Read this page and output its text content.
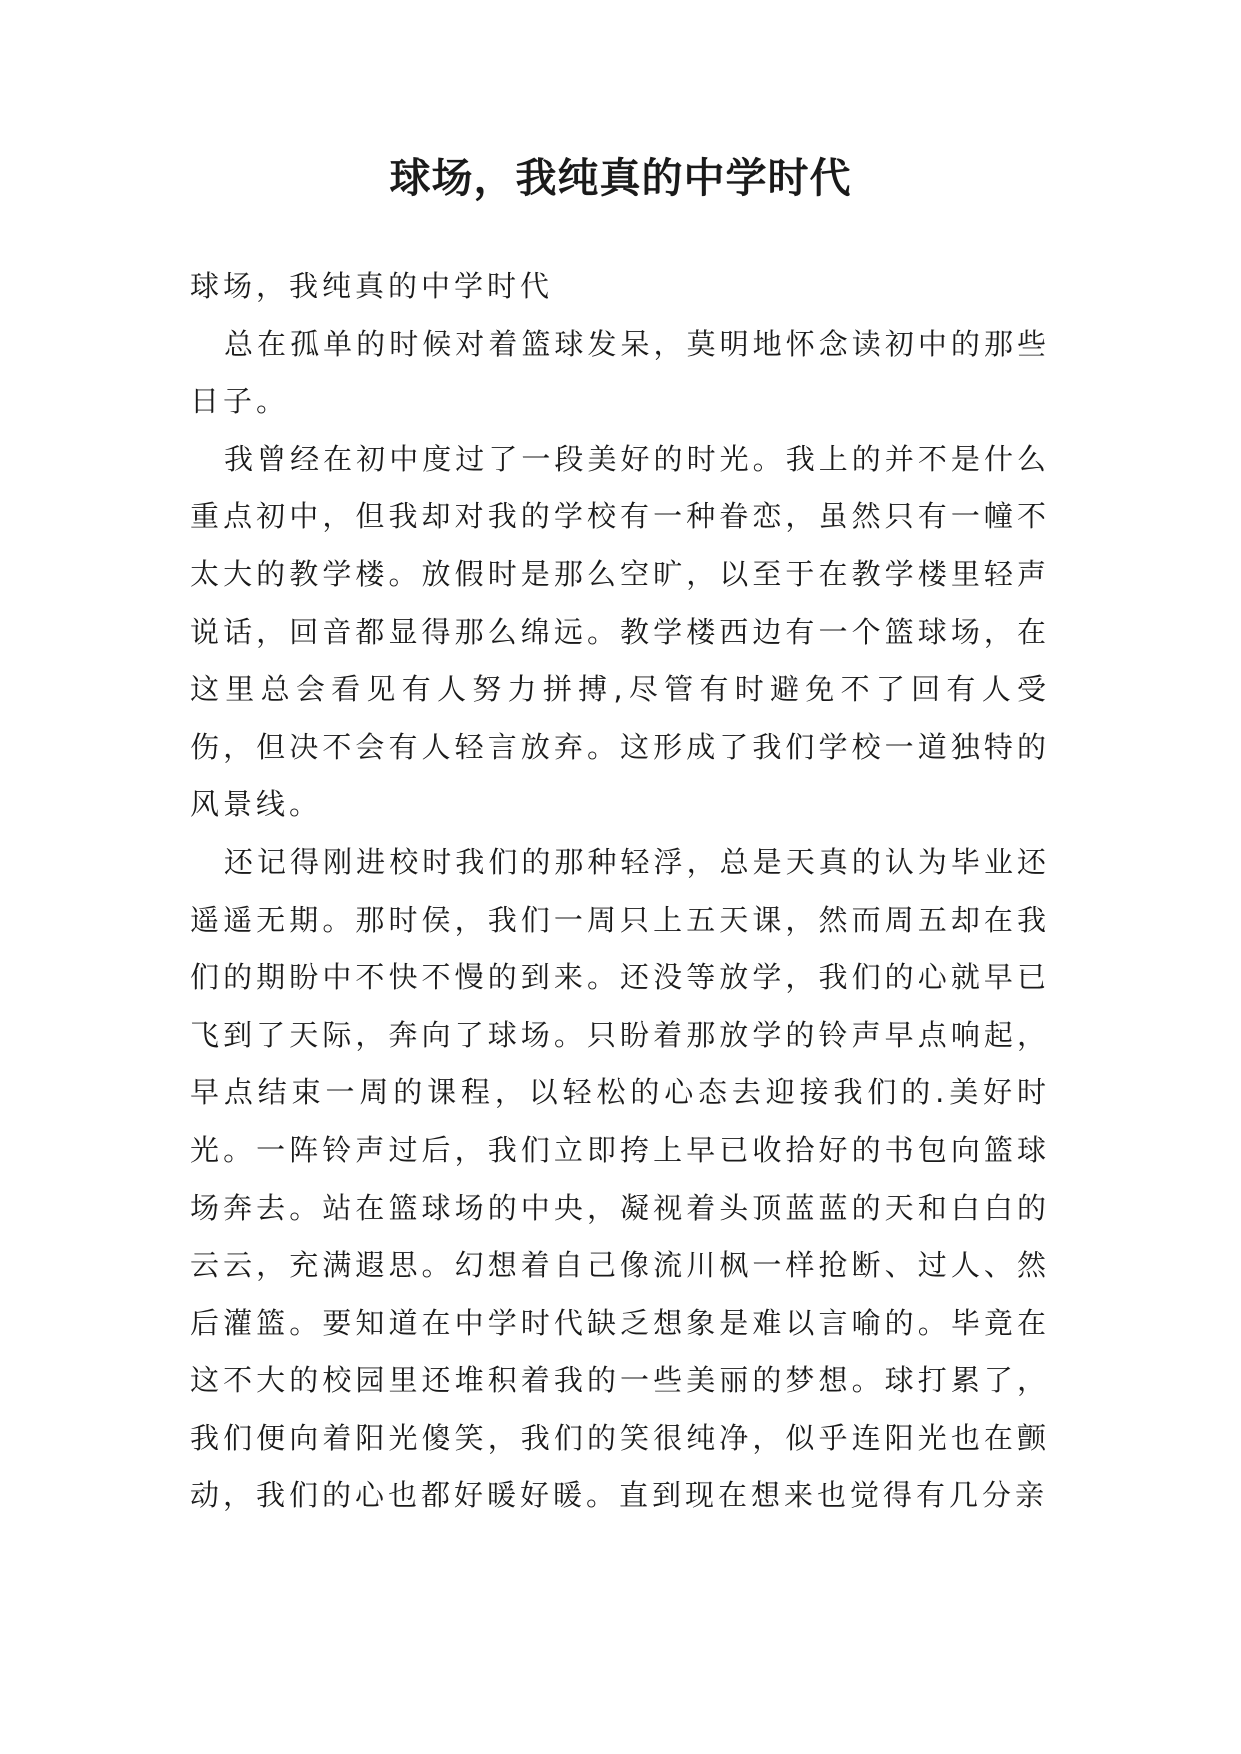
球场，我纯真的中学时代

球场，我纯真的中学时代

总在孤单的时候对着篮球发呆，莫明地怀念读初中的那些日子。

我曾经在初中度过了一段美好的时光。我上的并不是什么重点初中，但我却对我的学校有一种眷恋，虽然只有一幢不太大的教学楼。放假时是那么空旷，以至于在教学楼里轻声说话，回音都显得那么绵远。教学楼西边有一个篮球场，在这里总会看见有人努力拼搏,尽管有时避免不了回有人受伤，但决不会有人轻言放弃。这形成了我们学校一道独特的风景线。

还记得刚进校时我们的那种轻浮，总是天真的认为毕业还遥遥无期。那时侯，我们一周只上五天课，然而周五却在我们的期盼中不快不慢的到来。还没等放学，我们的心就早已飞到了天际，奔向了球场。只盼着那放学的铃声早点响起，早点结束一周的课程，以轻松的心态去迎接我们的.美好时光。一阵铃声过后，我们立即挎上早已收拾好的书包向篮球场奔去。站在篮球场的中央，凝视着头顶蓝蓝的天和白白的云云，充满遐思。幻想着自己像流川枫一样抢断、过人、然后灌篮。要知道在中学时代缺乏想象是难以言喻的。毕竟在这不大的校园里还堆积着我的一些美丽的梦想。球打累了，我们便向着阳光傻笑，我们的笑很纯净，似乎连阳光也在颤动，我们的心也都好暖好暖。直到现在想来也觉得有几分亲
